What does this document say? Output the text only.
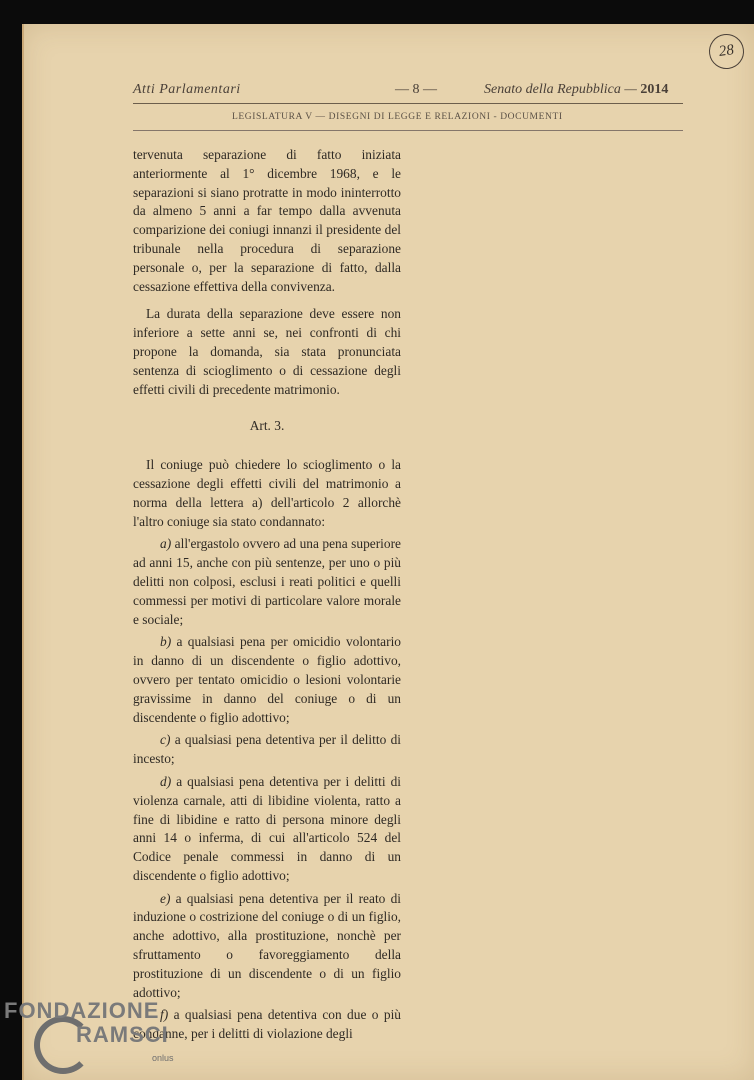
28
Atti Parlamentari	— 8 —	Senato della Repubblica — 2014
LEGISLATURA V — DISEGNI DI LEGGE E RELAZIONI - DOCUMENTI

tervenuta separazione di fatto iniziata anteriormente al 1° dicembre 1968, e le separazioni si siano protratte in modo ininterrotto da almeno 5 anni a far tempo dalla avvenuta comparizione dei coniugi innanzi il presidente del tribunale nella procedura di separazione personale o, per la separazione di fatto, dalla cessazione effettiva della convivenza.

La durata della separazione deve essere non inferiore a sette anni se, nei confronti di chi propone la domanda, sia stata pronunciata sentenza di scioglimento o di cessazione degli effetti civili di precedente matrimonio.

Art. 3.

Il coniuge può chiedere lo scioglimento o la cessazione degli effetti civili del matrimonio a norma della lettera a) dell'articolo 2 allorchè l'altro coniuge sia stato condannato:

a) all'ergastolo ovvero ad una pena superiore ad anni 15, anche con più sentenze, per uno o più delitti non colposi, esclusi i reati politici e quelli commessi per motivi di particolare valore morale e sociale;

b) a qualsiasi pena per omicidio volontario in danno di un discendente o figlio adottivo, ovvero per tentato omicidio o lesioni volontarie gravissime in danno del coniuge o di un discendente o figlio adottivo;

c) a qualsiasi pena detentiva per il delitto di incesto;

d) a qualsiasi pena detentiva per i delitti di violenza carnale, atti di libidine violenta, ratto a fine di libidine e ratto di persona minore degli anni 14 o inferma, di cui all'articolo 524 del Codice penale commessi in danno di un discendente o figlio adottivo;

e) a qualsiasi pena detentiva per il reato di induzione o costrizione del coniuge o di un figlio, anche adottivo, alla prostituzione, nonchè per sfruttamento o favoreggiamento della prostituzione di un discendente o di un figlio adottivo;

f) a qualsiasi pena detentiva con due o più condanne, per i delitti di violazione degli

FONDAZIONE
RAMSCI
onlus
